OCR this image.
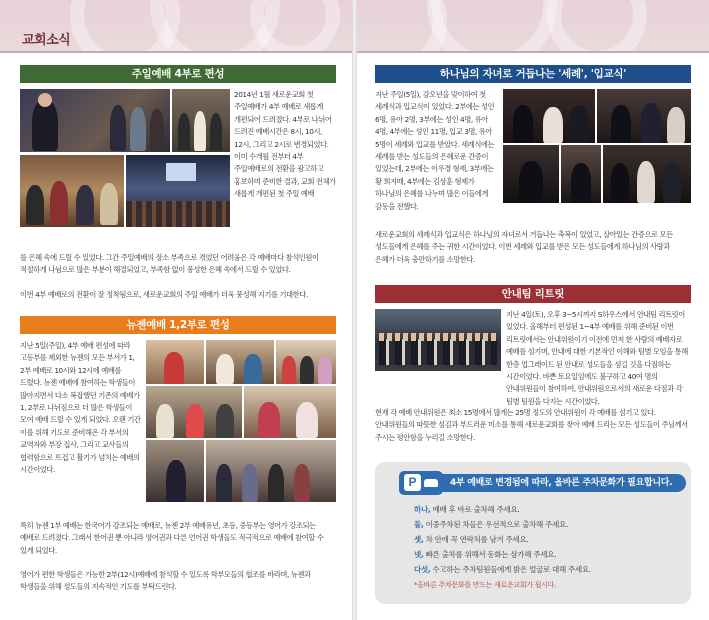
교회소식
주일예배 4부로 편성
2014년 1월 새로운교회 첫 주일예배가 4부 예배로 새롭게 개편되어 드려졌다. 4부로 나뉘어 드려진 예배시간은 8시, 10시, 12시, 그리고 2시로 변경되었다. 이미 수개월 전부터 4부 주일예배로의 전환을 광고하고 홍보하며 준비한 결과, 교회 전체가 새롭게 개편된 첫 주일 예배
를 은혜 속에 드릴 수 있었다. 그간 주일예배의 장소 부족으로 겪었던 어려움은 각 예배마다 참석인원이 적절하게 나뉨으로 많은 부분이 해결되었고, 부족함 없이 풍성한 은혜 속에서 드릴 수 있었다.
이번 4부 예배로의 전환이 잘 정착됨으로, 새로운교회의 주일 예배가 더욱 풍성해 지기를 기대한다.
뉴젠예배 1,2부로 편성
지난 5일(주일), 4부 예배 편성에 따라 고등부를 제외한 뉴젠의 모든 부서가 1, 2부 예배로 10시와 12시에 예배를 드렸다. 뉴젠 예배에 참여하는 학생들이 많아지면서 다소 복잡했던 기존의 예배가 1, 2부로 나뉘짐으로 더 많은 학생들이 모여 예배 드릴 수 있게 되었다. 오랜 기간 이를 위해 기도로 준비해온 각 부서의 교역자와 부장 집사, 그리고 교사들의 협력함으로 뜨겁고 활기가 넘치는 예배의 시간이었다.
특히 뉴젠 1부 예배는 한국어가 강조되는 예배로, 뉴젠 2부 예배유년, 초등, 중등부는 영어가 강조되는 예배로 드려졌다. 그래서 한어권 뿐 아니라 영어권과 다른 언어권 학생들도 적극적으로 예배에 참여할 수 있게 되었다.
영어가 편한 학생들은 가능한 2부(12시)예배에 참석할 수 있도록 학부모들의 협조를 바라며, 뉴젠과 학생들을 위해 성도들의 지속적인 기도를 부탁드린다.
하나님의 자녀로 거듭나는 '세례', '입교식'
지난 주일(5일), 감오년을 맞이하여 첫 세례식과 입교식이 있었다. 2부에는 성인 6명, 유아 2명, 3부에는 성인 4명, 유아 4명, 4부에는 성인 11명, 입교 3명, 유아 5명이 세례와 입교를 받았다. 세례식에는 세례를 받는 성도들의 은혜로운 간증이 있었는데, 2부에는 이우경 형제, 3부에는 황 희지매, 4부에는 김상훈 형제가 하나님의 은혜를 나누며 많은 이들에게 감동을 전했다.
새로운교회의 세례식과 입교식은 하나님의 자녀로서 거듭나는 축복이 있었고, 살아있는 간증으로 모든 성도들에게 은혜를 주는 귀한 시간이었다. 이번 세례와 입교를 받은 모든 성도들에게 하나님의 사랑과 은혜가 더욱 충만하기를 소망한다.
안내팀 리트릿
지난 4일(토), 오후 3~5시까지 S하우스에서 안내팀 리트릿이 있었다. 올해부터 편성된 1~4부 예배를 위해 준비된 이번 리트릿에서는 안내위원이기 이전에 먼저 한 사람의 예배자로 예배를 섬기며, 안내에 대한 기본적인 이해와 팀별 모임을 통해 한층 업그레이드 된 안내로 성도들을 섬길 것을 다짐하는 시간이었다. 바쁜 토요일임에도 불구하고 40여 명의 안내위원들이 참여하여, 안내위원으로서의 새로운 다짐과 각 팀별 팀원을 다지는 시간이었다.
현재 각 예배 안내위원은 최소 15명에서 많게는 25명 정도의 안내위원이 각 예배를 섬기고 있다. 안내위원들의 따뜻한 섬김과 부드러운 미소를 통해 새로운교회를 찾아 예배 드리는 모든 성도들이 주님께서 주시는 평안함을 누리길 소망한다.
4부 예배로 변경됨에 따라, 올바른 주차문화가 필요합니다.
P
하나, 예배 후 바로 출차해 주세요.
둘, 이중주차된 차들은 우선적으로 출차해 주세요.
셋, 차 안에 꼭 연락처를 남겨 주세요.
넷, 빠른 출차를 위해서 동화는 삼가해 주세요.
다섯, 수고하는 주차팀원들에게 밝은 얼굴로 대해 주세요.
*올바른 주차문화를 만드는 새로운교회가 됩시다.
